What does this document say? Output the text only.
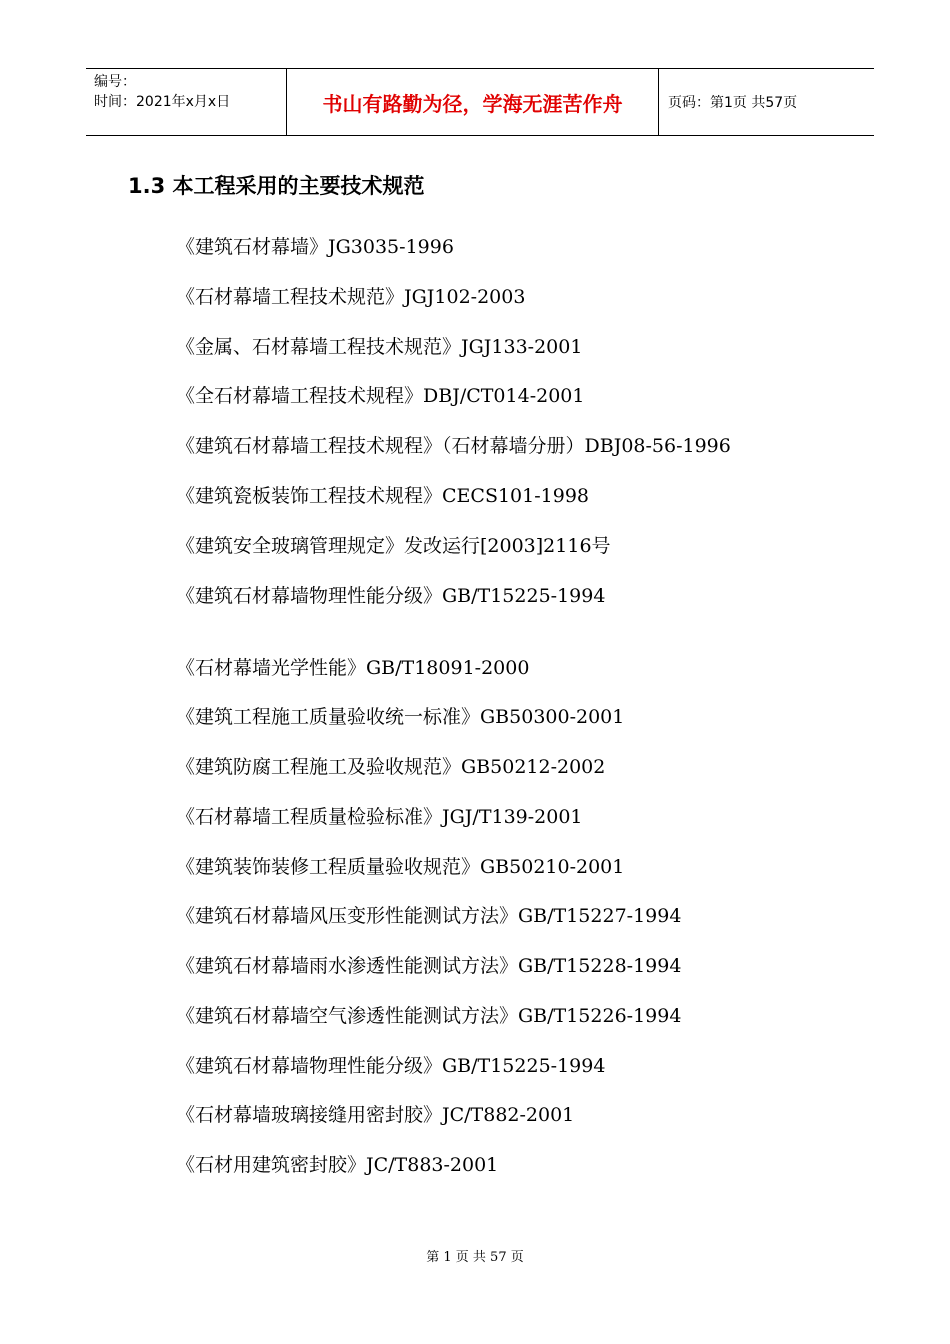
编号：
时间：2021年x月x日	书山有路勤为径，学海无涯苦作舟	页码：第1页 共57页
1.3 本工程采用的主要技术规范
《建筑石材幕墙》JG3035-1996
《石材幕墙工程技术规范》JGJ102-2003
《金属、石材幕墙工程技术规范》JGJ133-2001
《全石材幕墙工程技术规程》DBJ/CT014-2001
《建筑石材幕墙工程技术规程》（石材幕墙分册）DBJ08-56-1996
《建筑瓷板装饰工程技术规程》CECS101-1998
《建筑安全玻璃管理规定》发改运行[2003]2116号
《建筑石材幕墙物理性能分级》GB/T15225-1994
《石材幕墙光学性能》GB/T18091-2000
《建筑工程施工质量验收统一标准》GB50300-2001
《建筑防腐工程施工及验收规范》GB50212-2002
《石材幕墙工程质量检验标准》JGJ/T139-2001
《建筑装饰装修工程质量验收规范》GB50210-2001
《建筑石材幕墙风压变形性能测试方法》GB/T15227-1994
《建筑石材幕墙雨水渗透性能测试方法》GB/T15228-1994
《建筑石材幕墙空气渗透性能测试方法》GB/T15226-1994
《建筑石材幕墙物理性能分级》GB/T15225-1994
《石材幕墙玻璃接缝用密封胶》JC/T882-2001
《石材用建筑密封胶》JC/T883-2001
第 1 页 共 57 页
